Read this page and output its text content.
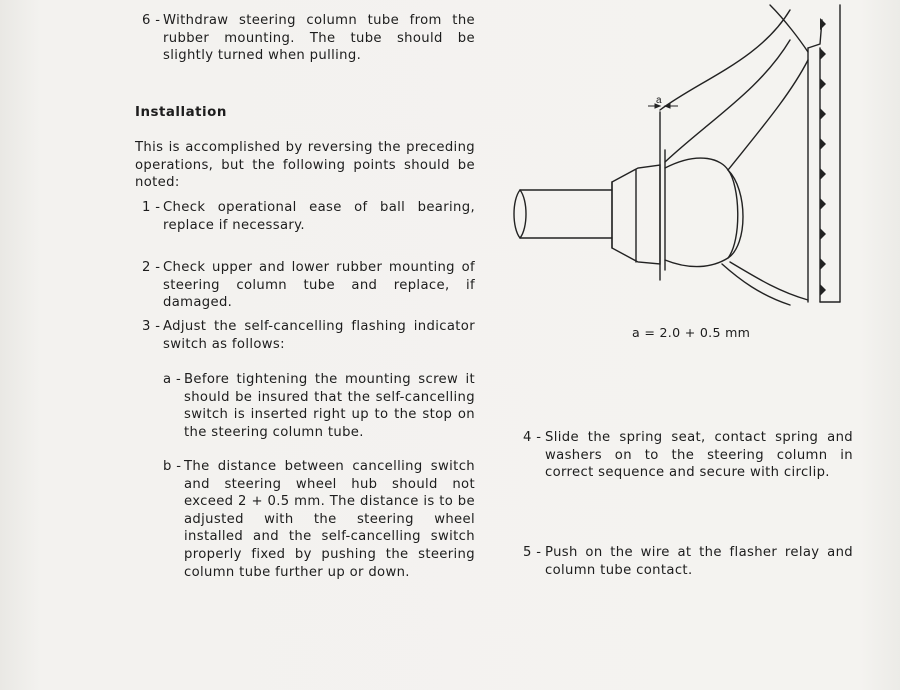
6 - Withdraw steering column tube from the rubber mounting. The tube should be slightly turned when pulling.
Installation
This is accomplished by reversing the preceding operations, but the following points should be noted:
1 - Check operational ease of ball bearing, replace if necessary.
2 - Check upper and lower rubber mounting of steering column tube and replace, if damaged.
3 - Adjust the self-cancelling flashing indicator switch as follows:
a - Before tightening the mounting screw it should be insured that the self-cancelling switch is inserted right up to the stop on the steering column tube.
b - The distance between cancelling switch and steering wheel hub should not exceed 2 + 0.5 mm. The distance is to be adjusted with the steering wheel installed and the self-cancelling switch properly fixed by pushing the steering column tube further up or down.
4 - Slide the spring seat, contact spring and washers on to the steering column in correct sequence and secure with circlip.
5 - Push on the wire at the flasher relay and column tube contact.
a
a = 2.0 + 0.5 mm
